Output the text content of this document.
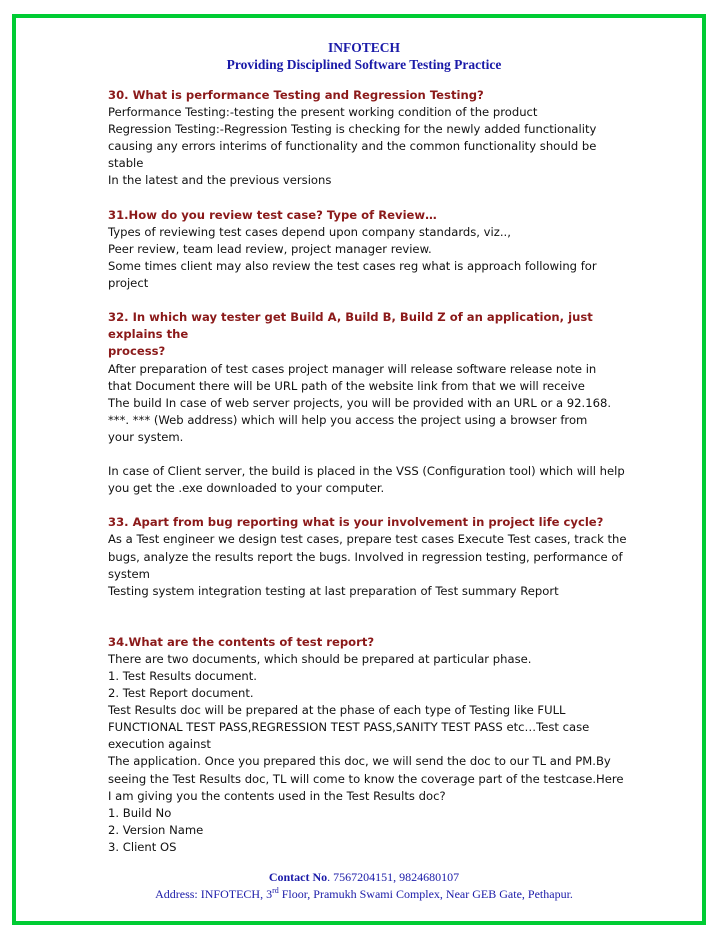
INFOTECH
Providing Disciplined Software Testing Practice

30. What is performance Testing and Regression Testing?

Performance Testing:-testing the present working condition of the product

Regression Testing:-Regression Testing is checking for the newly added functionality

causing any errors interims of functionality and the common functionality should be

stable

In the latest and the previous versions

31.How do you review test case? Type of Review…

Types of reviewing test cases depend upon company standards, viz..,

Peer review, team lead review, project manager review.

Some times client may also review the test cases reg what is approach following for

project

32. In which way tester get Build A, Build B, Build Z of an application, just explains the

process?

After preparation of test cases project manager will release software release note in

that Document there will be URL path of the website link from that we will receive

The build In case of web server projects, you will be provided with an URL or a 92.168.

***. *** (Web address) which will help you access the project using a browser from

your system.

In case of Client server, the build is placed in the VSS (Configuration tool) which will help

you get the .exe downloaded to your computer.

33. Apart from bug reporting what is your involvement in project life cycle?

As a Test engineer we design test cases, prepare test cases Execute Test cases, track the

bugs, analyze the results report the bugs. Involved in regression testing, performance of

system

Testing system integration testing at last preparation of Test summary Report

34.What are the contents of test report?

There are two documents, which should be prepared at particular phase.

1. Test Results document.

2. Test Report document.

Test Results doc will be prepared at the phase of each type of Testing like FULL

FUNCTIONAL TEST PASS,REGRESSION TEST PASS,SANITY TEST PASS etc…Test case

execution against

The application. Once you prepared this doc, we will send the doc to our TL and PM.By

seeing the Test Results doc, TL will come to know the coverage part of the testcase.Here

I am giving you the contents used in the Test Results doc?

1. Build No

2. Version Name

3. Client OS

Contact No. 7567204151, 9824680107
Address: INFOTECH, 3rd Floor, Pramukh Swami Complex, Near GEB Gate, Pethapur.
